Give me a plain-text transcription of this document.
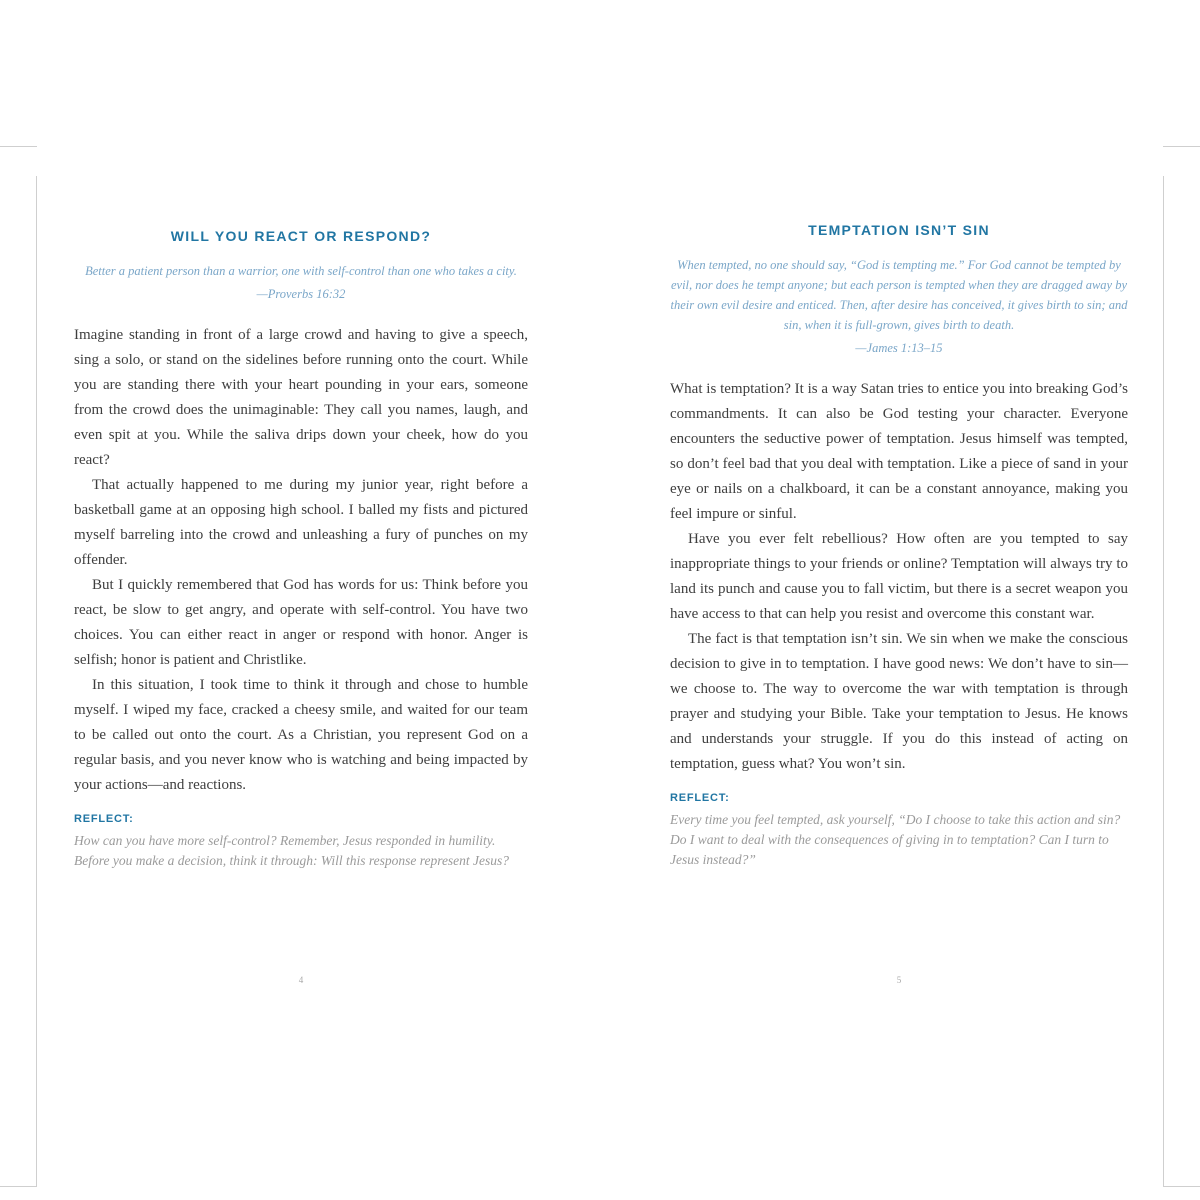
WILL YOU REACT OR RESPOND?

Better a patient person than a warrior, one with self-control than one who takes a city.

—Proverbs 16:32

Imagine standing in front of a large crowd and having to give a speech, sing a solo, or stand on the sidelines before running onto the court. While you are standing there with your heart pounding in your ears, someone from the crowd does the unimaginable: They call you names, laugh, and even spit at you. While the saliva drips down your cheek, how do you react?

That actually happened to me during my junior year, right before a basketball game at an opposing high school. I balled my fists and pictured myself barreling into the crowd and unleashing a fury of punches on my offender.

But I quickly remembered that God has words for us: Think before you react, be slow to get angry, and operate with self-control. You have two choices. You can either react in anger or respond with honor. Anger is selfish; honor is patient and Christlike.

In this situation, I took time to think it through and chose to humble myself. I wiped my face, cracked a cheesy smile, and waited for our team to be called out onto the court. As a Christian, you represent God on a regular basis, and you never know who is watching and being impacted by your actions—and reactions.

REFLECT:

How can you have more self-control? Remember, Jesus responded in humility. Before you make a decision, think it through: Will this response represent Jesus?

TEMPTATION ISN’T SIN

When tempted, no one should say, “God is tempting me.” For God cannot be tempted by evil, nor does he tempt anyone; but each person is tempted when they are dragged away by their own evil desire and enticed. Then, after desire has conceived, it gives birth to sin; and sin, when it is full-grown, gives birth to death.

—James 1:13–15

What is temptation? It is a way Satan tries to entice you into breaking God’s commandments. It can also be God testing your character. Everyone encounters the seductive power of temptation. Jesus himself was tempted, so don’t feel bad that you deal with temptation. Like a piece of sand in your eye or nails on a chalkboard, it can be a constant annoyance, making you feel impure or sinful.

Have you ever felt rebellious? How often are you tempted to say inappropriate things to your friends or online? Temptation will always try to land its punch and cause you to fall victim, but there is a secret weapon you have access to that can help you resist and overcome this constant war.

The fact is that temptation isn’t sin. We sin when we make the conscious decision to give in to temptation. I have good news: We don’t have to sin—we choose to. The way to overcome the war with temptation is through prayer and studying your Bible. Take your temptation to Jesus. He knows and understands your struggle. If you do this instead of acting on temptation, guess what? You won’t sin.

REFLECT:

Every time you feel tempted, ask yourself, “Do I choose to take this action and sin? Do I want to deal with the consequences of giving in to temptation? Can I turn to Jesus instead?”

4	5
